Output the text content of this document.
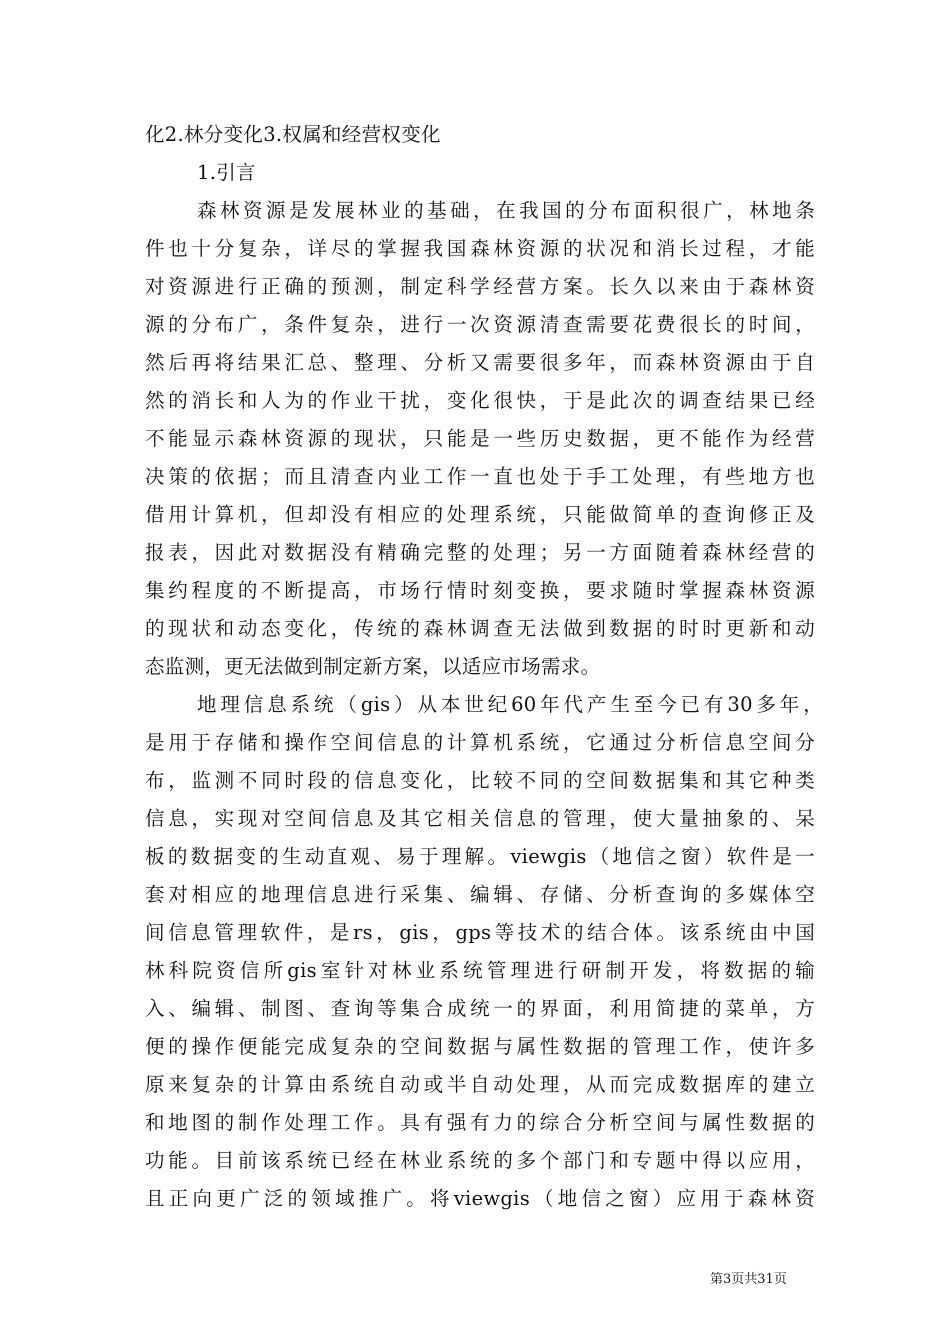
化2.林分变化3.权属和经营权变化
1.引言
森林资源是发展林业的基础，在我国的分布面积很广，林地条
件也十分复杂，详尽的掌握我国森林资源的状况和消长过程，才能
对资源进行正确的预测，制定科学经营方案。长久以来由于森林资
源的分布广，条件复杂，进行一次资源清查需要花费很长的时间，
然后再将结果汇总、整理、分析又需要很多年，而森林资源由于自
然的消长和人为的作业干扰，变化很快，于是此次的调查结果已经
不能显示森林资源的现状，只能是一些历史数据，更不能作为经营
决策的依据；而且清查内业工作一直也处于手工处理，有些地方也
借用计算机，但却没有相应的处理系统，只能做简单的查询修正及
报表，因此对数据没有精确完整的处理；另一方面随着森林经营的
集约程度的不断提高，市场行情时刻变换，要求随时掌握森林资源
的现状和动态变化，传统的森林调查无法做到数据的时时更新和动
态监测，更无法做到制定新方案，以适应市场需求。
地理信息系统（gis）从本世纪60年代产生至今已有30多年，
是用于存储和操作空间信息的计算机系统，它通过分析信息空间分
布，监测不同时段的信息变化，比较不同的空间数据集和其它种类
信息，实现对空间信息及其它相关信息的管理，使大量抽象的、呆
板的数据变的生动直观、易于理解。viewgis（地信之窗）软件是一
套对相应的地理信息进行采集、编辑、存储、分析查询的多媒体空
间信息管理软件，是rs，gis，gps等技术的结合体。该系统由中国
林科院资信所gis室针对林业系统管理进行研制开发，将数据的输
入、编辑、制图、查询等集合成统一的界面，利用简捷的菜单，方
便的操作便能完成复杂的空间数据与属性数据的管理工作，使许多
原来复杂的计算由系统自动或半自动处理，从而完成数据库的建立
和地图的制作处理工作。具有强有力的综合分析空间与属性数据的
功能。目前该系统已经在林业系统的多个部门和专题中得以应用，
且正向更广泛的领域推广。将viewgis（地信之窗）应用于森林资
第3页共31页
